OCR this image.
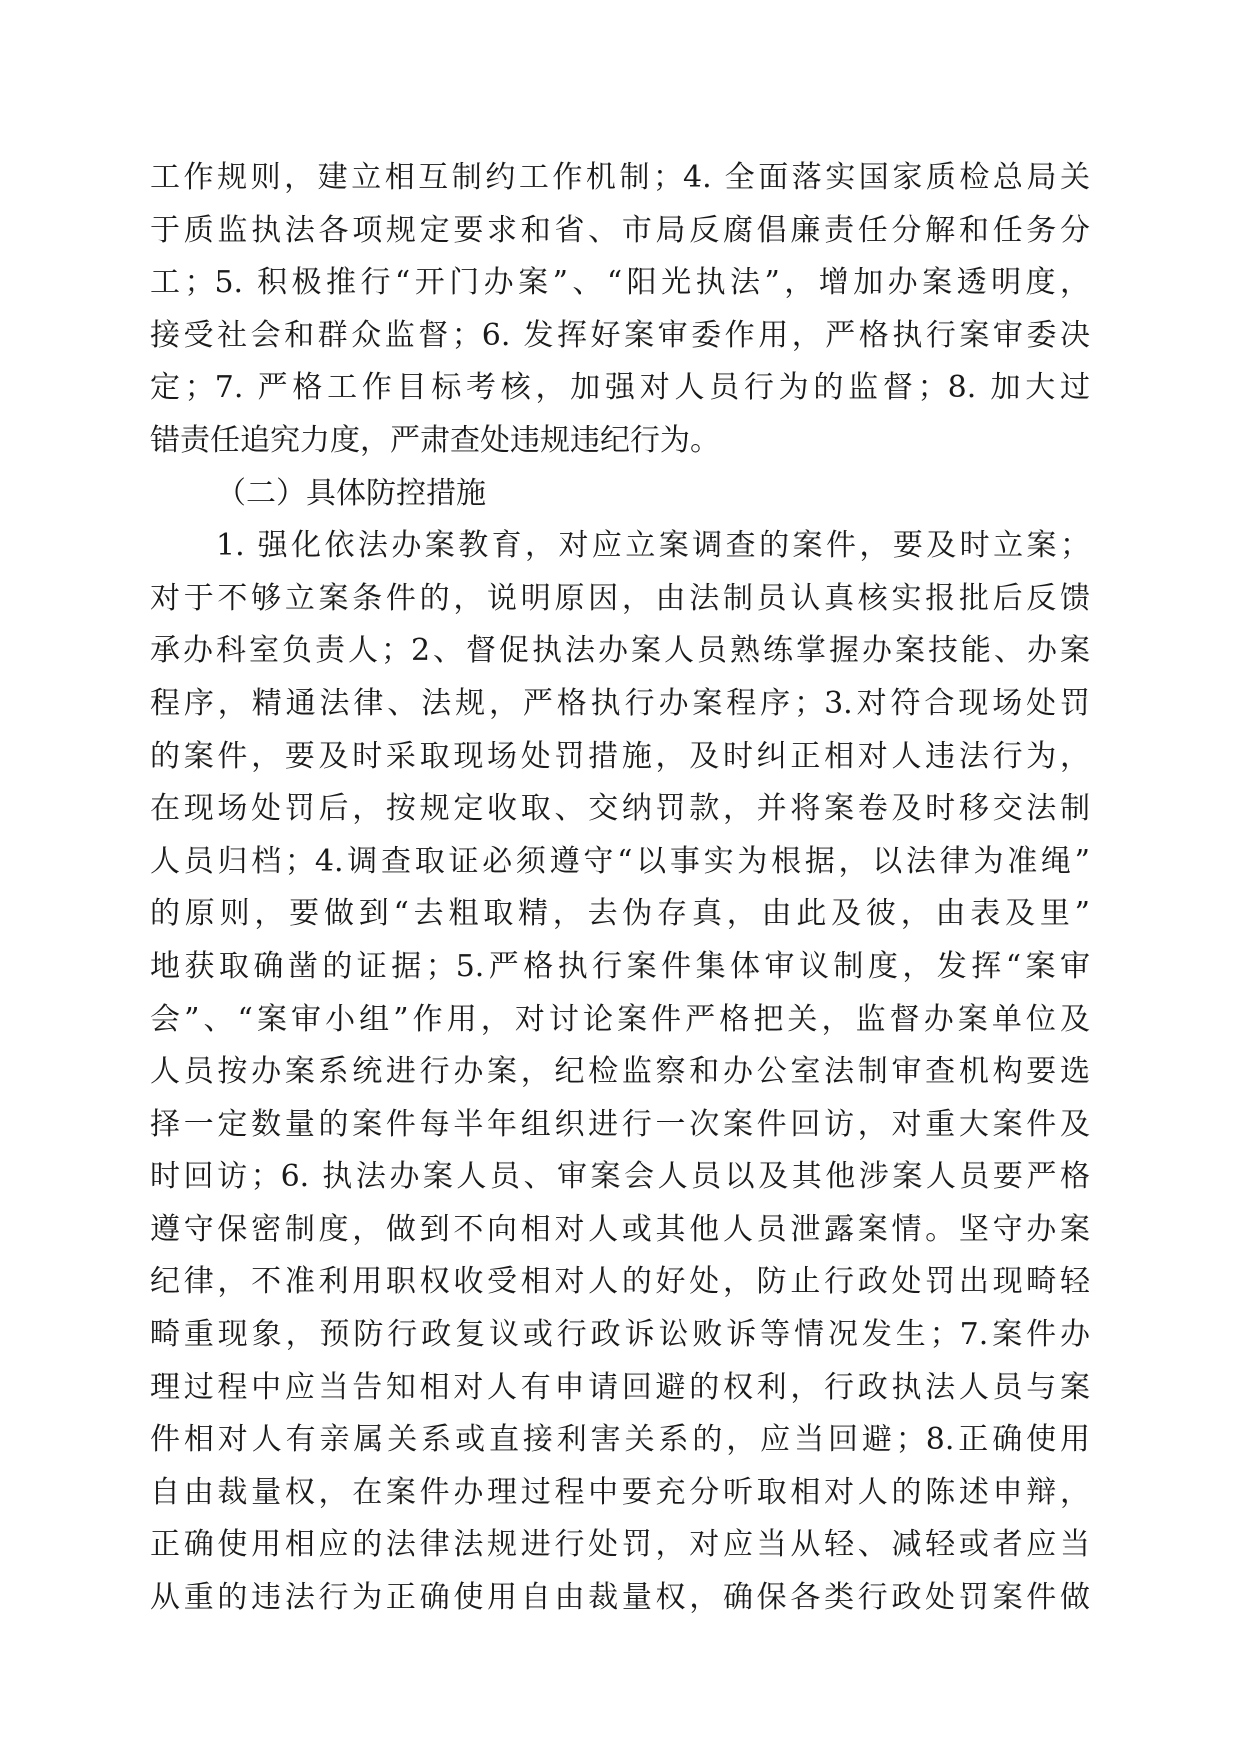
工作规则，建立相互制约工作机制；4. 全面落实国家质检总局关
于质监执法各项规定要求和省、市局反腐倡廉责任分解和任务分
工；5. 积极推行“开门办案”、“阳光执法”，增加办案透明度，
接受社会和群众监督；6. 发挥好案审委作用，严格执行案审委决
定；7. 严格工作目标考核，加强对人员行为的监督；8. 加大过
错责任追究力度，严肃查处违规违纪行为。
（二）具体防控措施
1. 强化依法办案教育，对应立案调查的案件，要及时立案；
对于不够立案条件的，说明原因，由法制员认真核实报批后反馈
承办科室负责人；2、督促执法办案人员熟练掌握办案技能、办案
程序，精通法律、法规，严格执行办案程序；3.对符合现场处罚
的案件，要及时采取现场处罚措施，及时纠正相对人违法行为，
在现场处罚后，按规定收取、交纳罚款，并将案卷及时移交法制
人员归档；4.调查取证必须遵守“以事实为根据，以法律为准绳”
的原则，要做到“去粗取精，去伪存真，由此及彼，由表及里”
地获取确凿的证据；5.严格执行案件集体审议制度，发挥“案审
会”、“案审小组”作用，对讨论案件严格把关，监督办案单位及
人员按办案系统进行办案，纪检监察和办公室法制审查机构要选
择一定数量的案件每半年组织进行一次案件回访，对重大案件及
时回访；6. 执法办案人员、审案会人员以及其他涉案人员要严格
遵守保密制度，做到不向相对人或其他人员泄露案情。坚守办案
纪律，不准利用职权收受相对人的好处，防止行政处罚出现畸轻
畸重现象，预防行政复议或行政诉讼败诉等情况发生；7.案件办
理过程中应当告知相对人有申请回避的权利，行政执法人员与案
件相对人有亲属关系或直接利害关系的，应当回避；8.正确使用
自由裁量权，在案件办理过程中要充分听取相对人的陈述申辩，
正确使用相应的法律法规进行处罚，对应当从轻、减轻或者应当
从重的违法行为正确使用自由裁量权，确保各类行政处罚案件做
